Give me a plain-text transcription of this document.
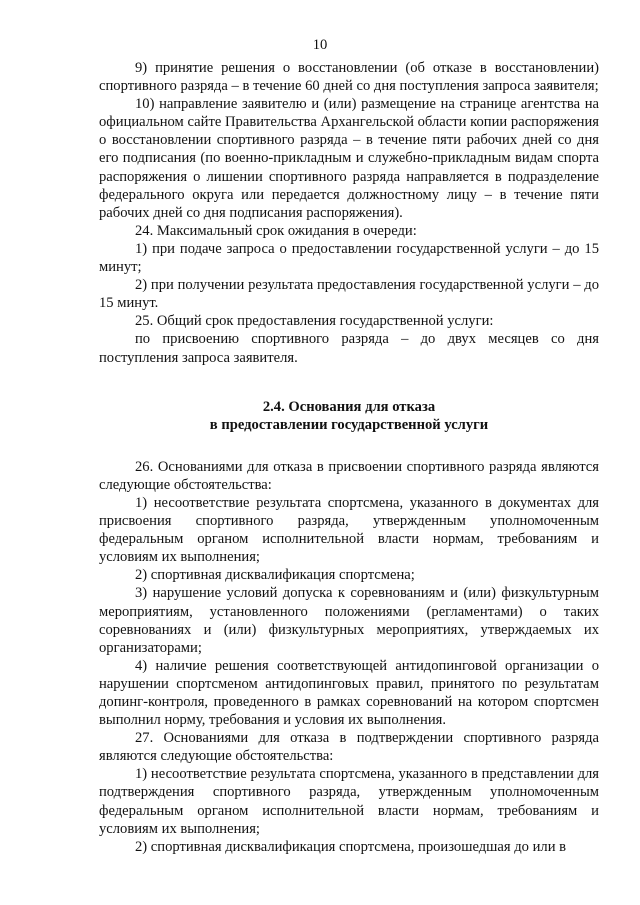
10

9) принятие решения о восстановлении (об отказе в восстановлении) спортивного разряда – в течение 60 дней со дня поступления запроса заявителя;

10) направление заявителю и (или) размещение на странице агентства на официальном сайте Правительства Архангельской области копии распоряжения о восстановлении спортивного разряда – в течение пяти рабочих дней со дня его подписания (по военно-прикладным и служебно-прикладным видам спорта распоряжения о лишении спортивного разряда направляется в подразделение федерального округа или передается должностному лицу – в течение пяти рабочих дней со дня подписания распоряжения).

24. Максимальный срок ожидания в очереди:

1) при подаче запроса о предоставлении государственной услуги – до 15 минут;

2) при получении результата предоставления государственной услуги – до 15 минут.

25. Общий срок предоставления государственной услуги:

по присвоению спортивного разряда – до двух месяцев со дня поступления запроса заявителя.

2.4. Основания для отказа
в предоставлении государственной услуги

26. Основаниями для отказа в присвоении спортивного разряда являются следующие обстоятельства:

1) несоответствие результата спортсмена, указанного в документах для присвоения спортивного разряда, утвержденным уполномоченным федеральным органом исполнительной власти нормам, требованиям и условиям их выполнения;

2) спортивная дисквалификация спортсмена;

3) нарушение условий допуска к соревнованиям и (или) физкультурным мероприятиям, установленного положениями (регламентами) о таких соревнованиях и (или) физкультурных мероприятиях, утверждаемых их организаторами;

4) наличие решения соответствующей антидопинговой организации о нарушении спортсменом антидопинговых правил, принятого по результатам допинг-контроля, проведенного в рамках соревнований на котором спортсмен выполнил норму, требования и условия их выполнения.

27. Основаниями для отказа в подтверждении спортивного разряда являются следующие обстоятельства:

1) несоответствие результата спортсмена, указанного в представлении для подтверждения спортивного разряда, утвержденным уполномоченным федеральным органом исполнительной власти нормам, требованиям и условиям их выполнения;

2) спортивная дисквалификация спортсмена, произошедшая до или в
